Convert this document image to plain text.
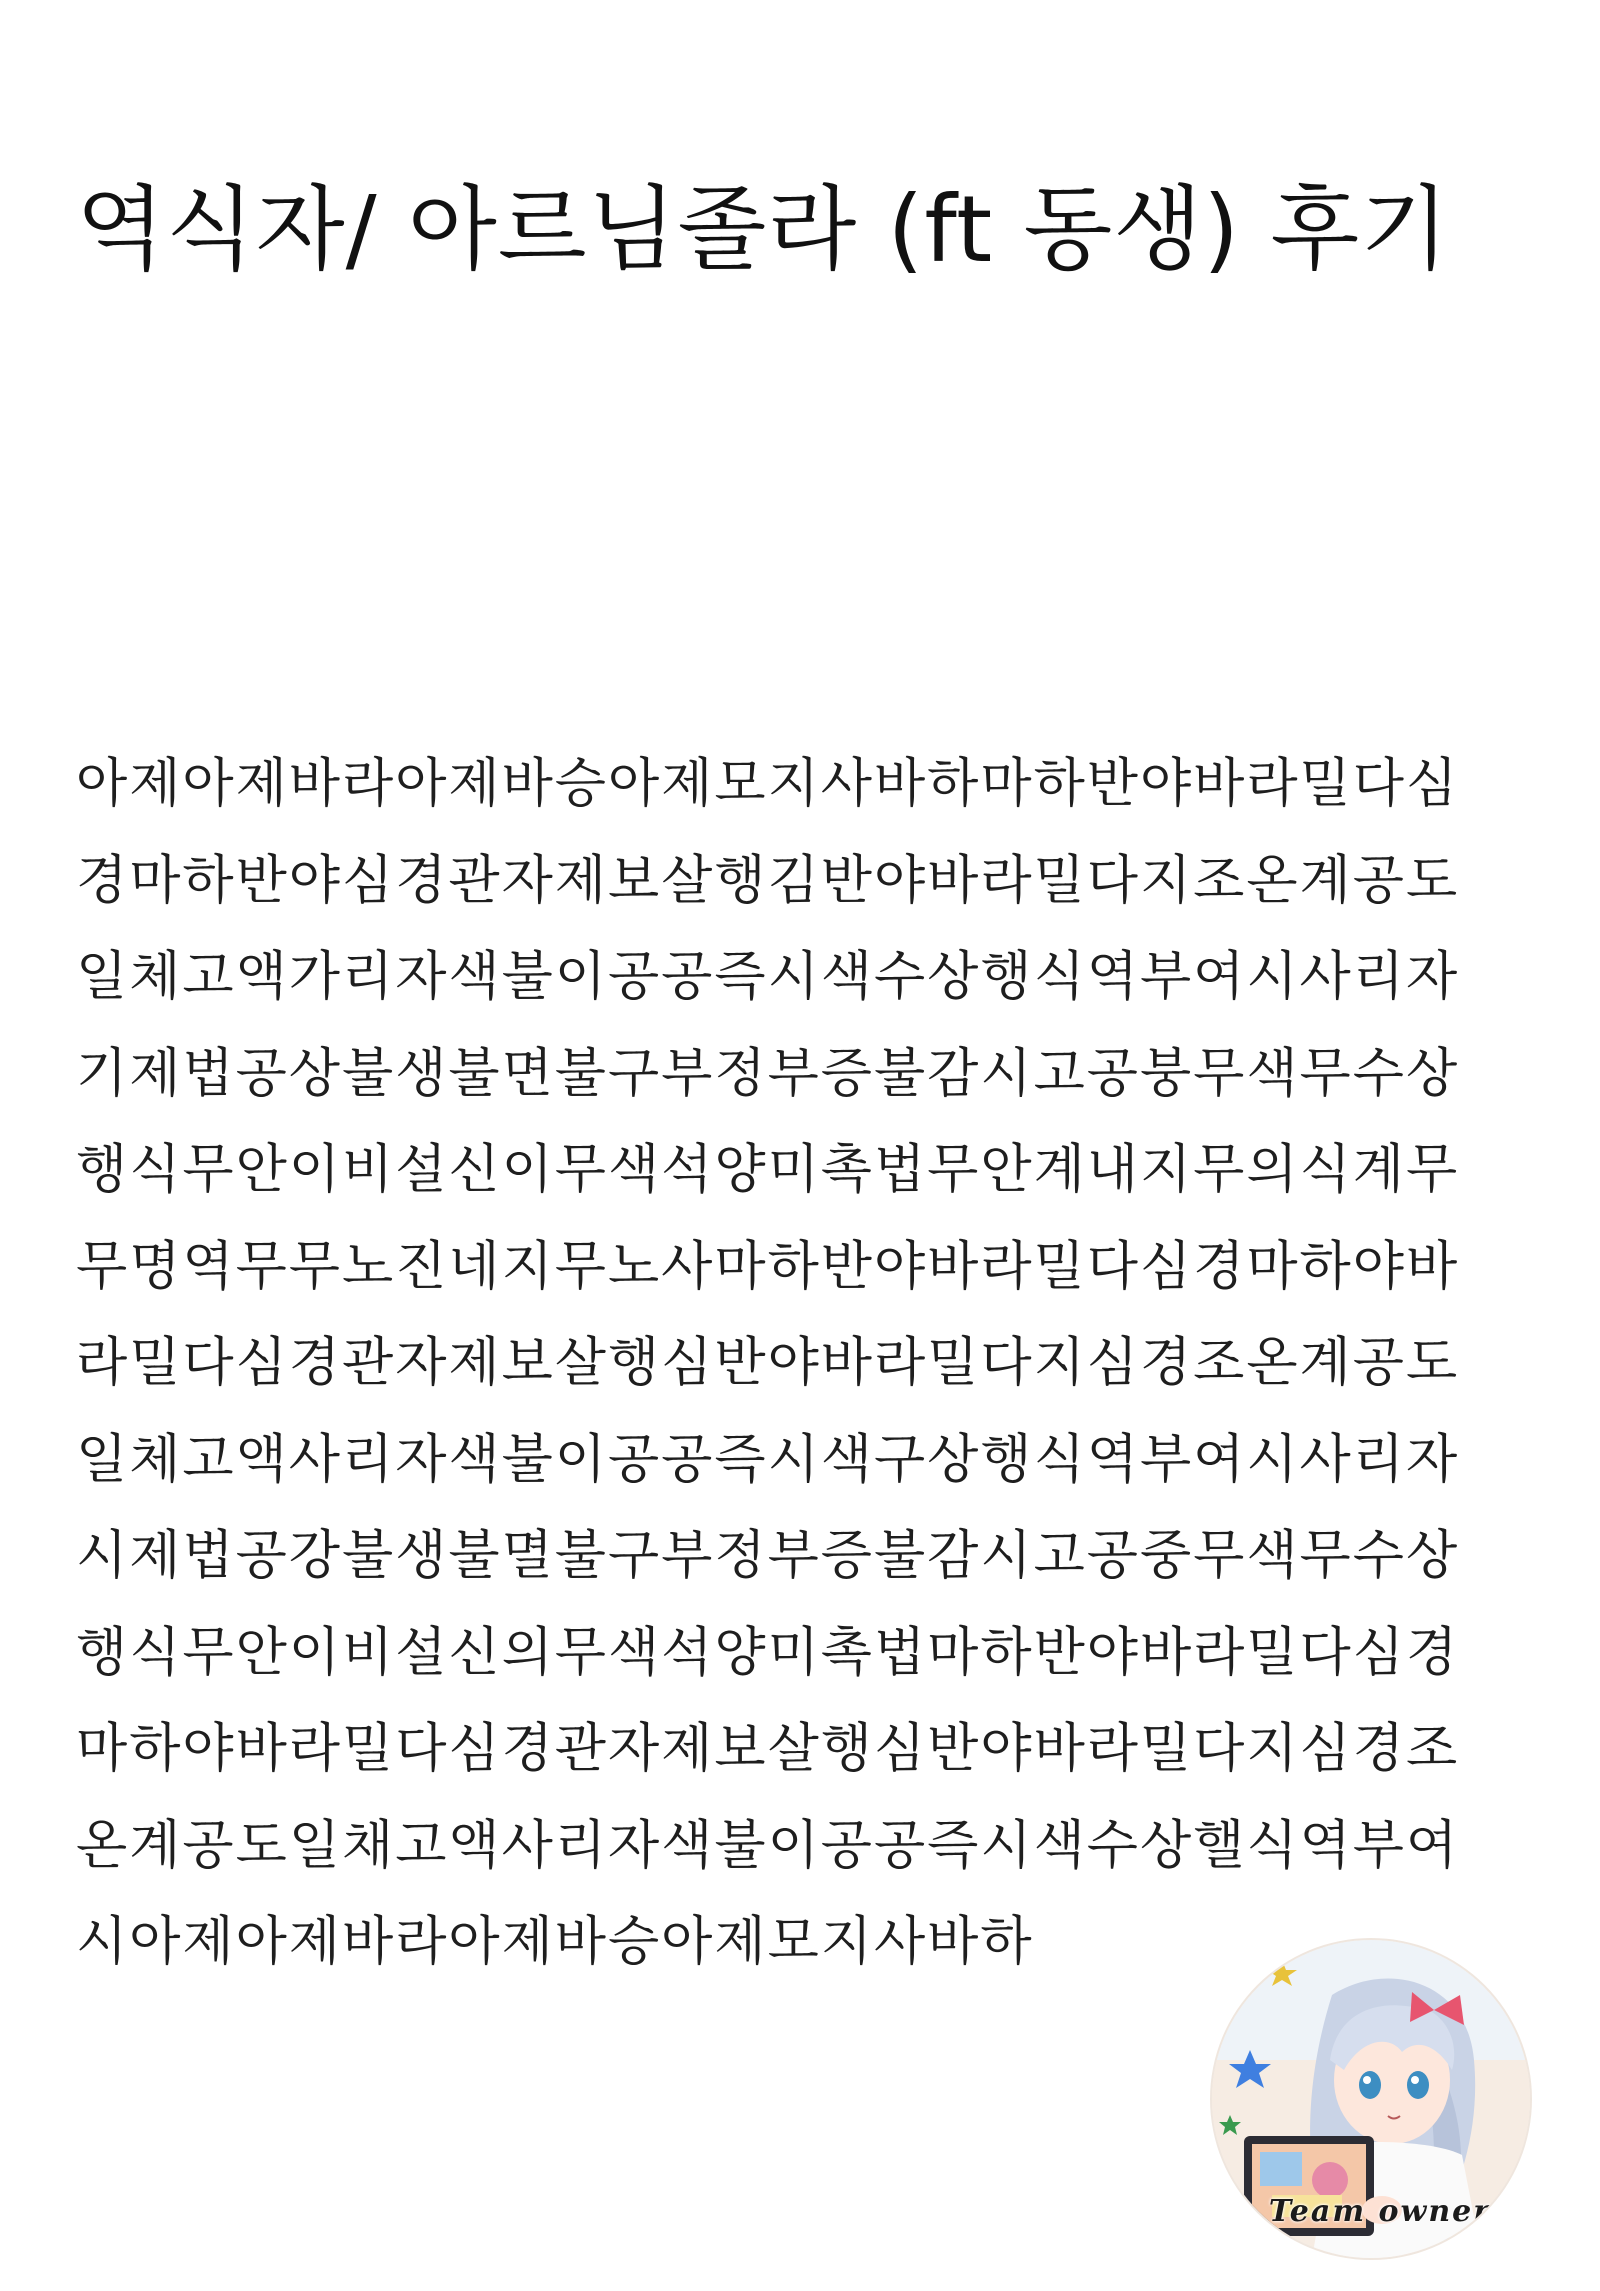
역식자/ 아르님졸라 (ft 동생) 후기
아제아제바라아제바승아제모지사바하마하반야바라밀다심
경마하반야심경관자제보살행김반야바라밀다지조온계공도
일체고액가리자색불이공공즉시색수상행식역부여시사리자
기제법공상불생불면불구부정부증불감시고공붕무색무수상
행식무안이비설신이무색석양미촉법무안계내지무의식계무
무명역무무노진네지무노사마하반야바라밀다심경마하야바
라밀다심경관자제보살행심반야바라밀다지심경조온계공도
일체고액사리자색불이공공즉시색구상행식역부여시사리자
시제법공강불생불멸불구부정부증불감시고공중무색무수상
행식무안이비설신의무색석양미촉법마하반야바라밀다심경
마하야바라밀다심경관자제보살행심반야바라밀다지심경조
온계공도일채고액사리자색불이공공즉시색수상핼식역부여
시아제아제바라아제바승아제모지사바하
Team owner
